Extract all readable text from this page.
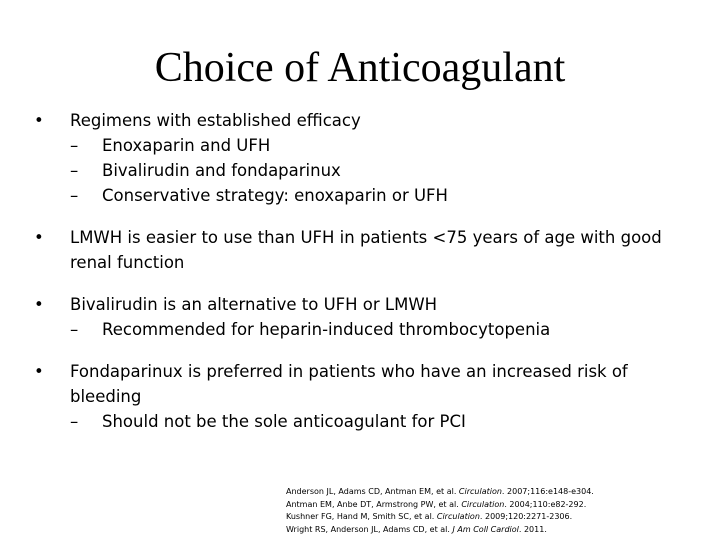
Choice of Anticoagulant

•	Regimens with established efficacy

–	Enoxaparin and UFH

–	Bivalirudin and fondaparinux

–	Conservative strategy: enoxaparin or UFH

•	LMWH is easier to use than UFH in patients <75 years of age with good renal function

•	Bivalirudin is an alternative to UFH or LMWH

–	Recommended for heparin-induced thrombocytopenia

•	Fondaparinux is preferred in patients who have an increased risk of bleeding

–	Should not be the sole anticoagulant for PCI

Anderson JL, Adams CD, Antman EM, et al. Circulation. 2007;116:e148-e304.
Antman EM, Anbe DT, Armstrong PW, et al. Circulation. 2004;110:e82-292.
Kushner FG, Hand M, Smith SC, et al. Circulation. 2009;120:2271-2306.
Wright RS, Anderson JL, Adams CD, et al. J Am Coll Cardiol. 2011.
